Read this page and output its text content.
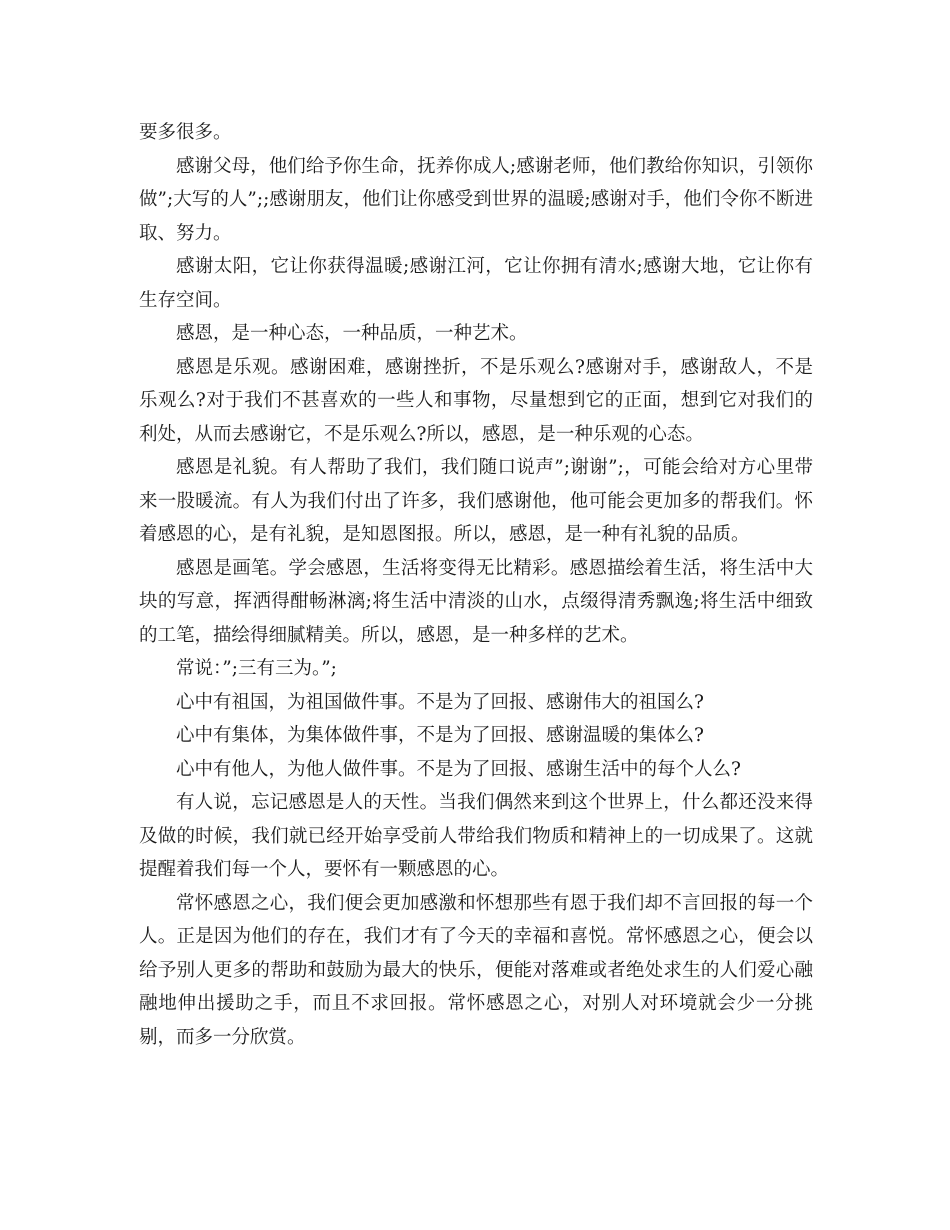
要多很多。

感谢父母，他们给予你生命，抚养你成人;感谢老师，他们教给你知识，引领你做”;大写的人”;;感谢朋友，他们让你感受到世界的温暖;感谢对手，他们令你不断进取、努力。

感谢太阳，它让你获得温暖;感谢江河，它让你拥有清水;感谢大地，它让你有生存空间。

感恩，是一种心态，一种品质，一种艺术。

感恩是乐观。感谢困难，感谢挫折，不是乐观么?感谢对手，感谢敌人，不是乐观么?对于我们不甚喜欢的一些人和事物，尽量想到它的正面，想到它对我们的利处，从而去感谢它，不是乐观么?所以，感恩，是一种乐观的心态。

感恩是礼貌。有人帮助了我们，我们随口说声”;谢谢”;，可能会给对方心里带来一股暖流。有人为我们付出了许多，我们感谢他，他可能会更加多的帮我们。怀着感恩的心，是有礼貌，是知恩图报。所以，感恩，是一种有礼貌的品质。

感恩是画笔。学会感恩，生活将变得无比精彩。感恩描绘着生活，将生活中大块的写意，挥洒得酣畅淋漓;将生活中清淡的山水，点缀得清秀飘逸;将生活中细致的工笔，描绘得细腻精美。所以，感恩，是一种多样的艺术。

常说：”;三有三为。”;

心中有祖国，为祖国做件事。不是为了回报、感谢伟大的祖国么?

心中有集体，为集体做件事，不是为了回报、感谢温暖的集体么?

心中有他人，为他人做件事。不是为了回报、感谢生活中的每个人么?

有人说，忘记感恩是人的天性。当我们偶然来到这个世界上，什么都还没来得及做的时候，我们就已经开始享受前人带给我们物质和精神上的一切成果了。这就提醒着我们每一个人，要怀有一颗感恩的心。

常怀感恩之心，我们便会更加感激和怀想那些有恩于我们却不言回报的每一个人。正是因为他们的存在，我们才有了今天的幸福和喜悦。常怀感恩之心，便会以给予别人更多的帮助和鼓励为最大的快乐，便能对落难或者绝处求生的人们爱心融融地伸出援助之手，而且不求回报。常怀感恩之心，对别人对环境就会少一分挑剔，而多一分欣赏。
